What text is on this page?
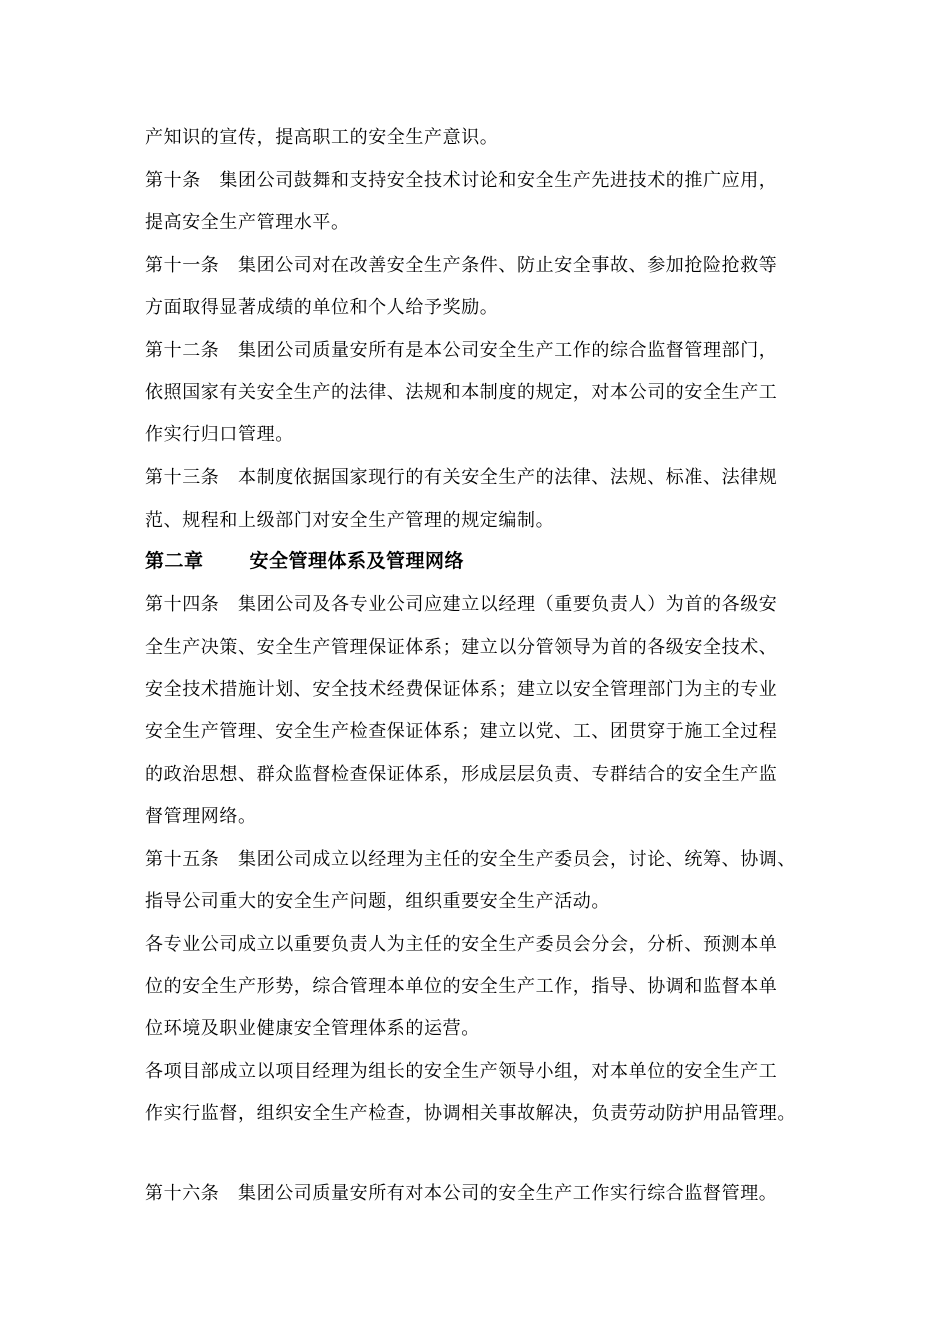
产知识的宣传，提高职工的安全生产意识。
第十条　集团公司鼓舞和支持安全技术讨论和安全生产先进技术的推广应用，
提高安全生产管理水平。
第十一条　集团公司对在改善安全生产条件、防止安全事故、参加抢险抢救等
方面取得显著成绩的单位和个人给予奖励。
第十二条　集团公司质量安所有是本公司安全生产工作的综合监督管理部门，
依照国家有关安全生产的法律、法规和本制度的规定，对本公司的安全生产工
作实行归口管理。
第十三条　本制度依据国家现行的有关安全生产的法律、法规、标准、法律规
范、规程和上级部门对安全生产管理的规定编制。
第二章 安全管理体系及管理网络
第十四条　集团公司及各专业公司应建立以经理（重要负责人）为首的各级安
全生产决策、安全生产管理保证体系；建立以分管领导为首的各级安全技术、
安全技术措施计划、安全技术经费保证体系；建立以安全管理部门为主的专业
安全生产管理、安全生产检查保证体系；建立以党、工、团贯穿于施工全过程
的政治思想、群众监督检查保证体系，形成层层负责、专群结合的安全生产监
督管理网络。
第十五条　集团公司成立以经理为主任的安全生产委员会，讨论、统筹、协调、
指导公司重大的安全生产问题，组织重要安全生产活动。
各专业公司成立以重要负责人为主任的安全生产委员会分会，分析、预测本单
位的安全生产形势，综合管理本单位的安全生产工作，指导、协调和监督本单
位环境及职业健康安全管理体系的运营。
各项目部成立以项目经理为组长的安全生产领导小组，对本单位的安全生产工
作实行监督，组织安全生产检查，协调相关事故解决，负责劳动防护用品管理。
第十六条　集团公司质量安所有对本公司的安全生产工作实行综合监督管理。
